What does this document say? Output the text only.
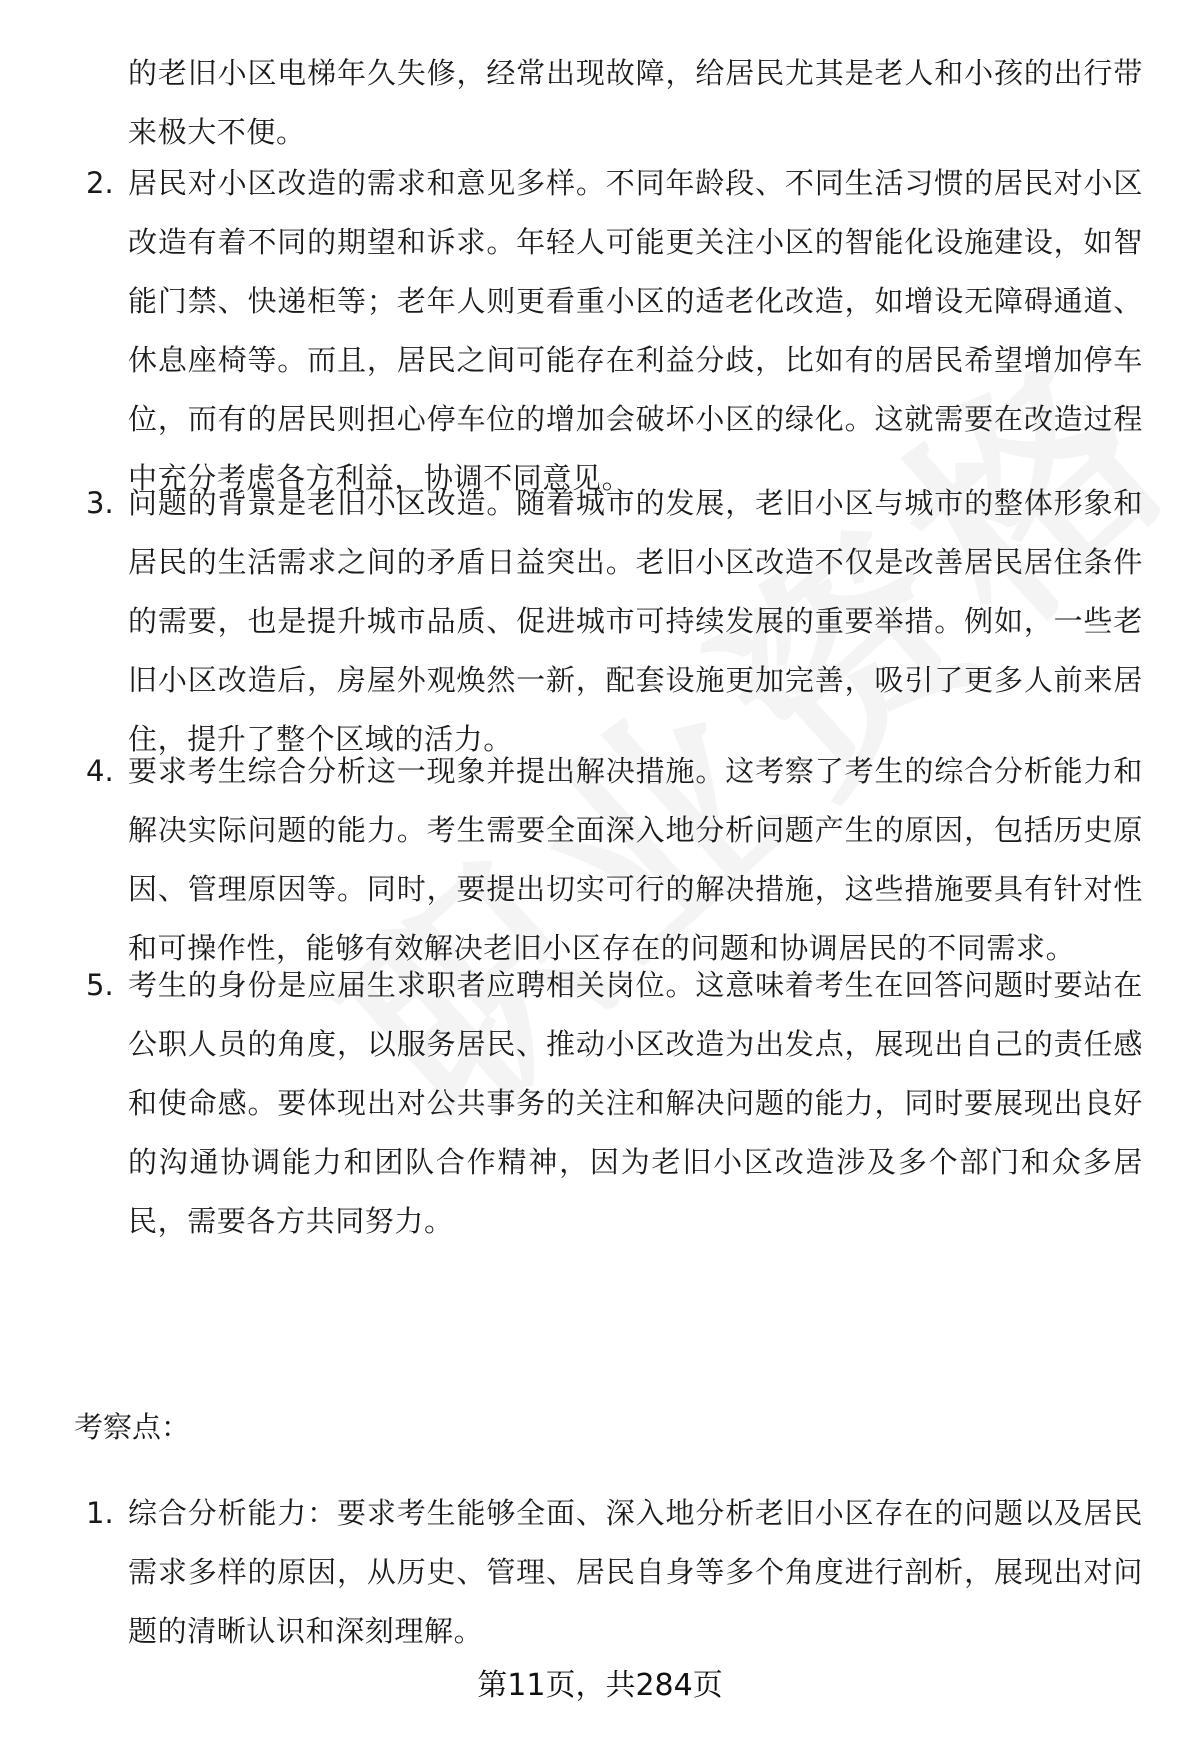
的老旧小区电梯年久失修，经常出现故障，给居民尤其是老人和小孩的出行带来极大不便。
2. 居民对小区改造的需求和意见多样。不同年龄段、不同生活习惯的居民对小区改造有着不同的期望和诉求。年轻人可能更关注小区的智能化设施建设，如智能门禁、快递柜等；老年人则更看重小区的适老化改造，如增设无障碍通道、休息座椅等。而且，居民之间可能存在利益分歧，比如有的居民希望增加停车位，而有的居民则担心停车位的增加会破坏小区的绿化。这就需要在改造过程中充分考虑各方利益，协调不同意见。
3. 问题的背景是老旧小区改造。随着城市的发展，老旧小区与城市的整体形象和居民的生活需求之间的矛盾日益突出。老旧小区改造不仅是改善居民居住条件的需要，也是提升城市品质、促进城市可持续发展的重要举措。例如，一些老旧小区改造后，房屋外观焕然一新，配套设施更加完善，吸引了更多人前来居住，提升了整个区域的活力。
4. 要求考生综合分析这一现象并提出解决措施。这考察了考生的综合分析能力和解决实际问题的能力。考生需要全面深入地分析问题产生的原因，包括历史原因、管理原因等。同时，要提出切实可行的解决措施，这些措施要具有针对性和可操作性，能够有效解决老旧小区存在的问题和协调居民的不同需求。
5. 考生的身份是应届生求职者应聘相关岗位。这意味着考生在回答问题时要站在公职人员的角度，以服务居民、推动小区改造为出发点，展现出自己的责任感和使命感。要体现出对公共事务的关注和解决问题的能力，同时要展现出良好的沟通协调能力和团队合作精神，因为老旧小区改造涉及多个部门和众多居民，需要各方共同努力。
考察点：
1. 综合分析能力：要求考生能够全面、深入地分析老旧小区存在的问题以及居民需求多样的原因，从历史、管理、居民自身等多个角度进行剖析，展现出对问题的清晰认识和深刻理解。
第11页，共284页
